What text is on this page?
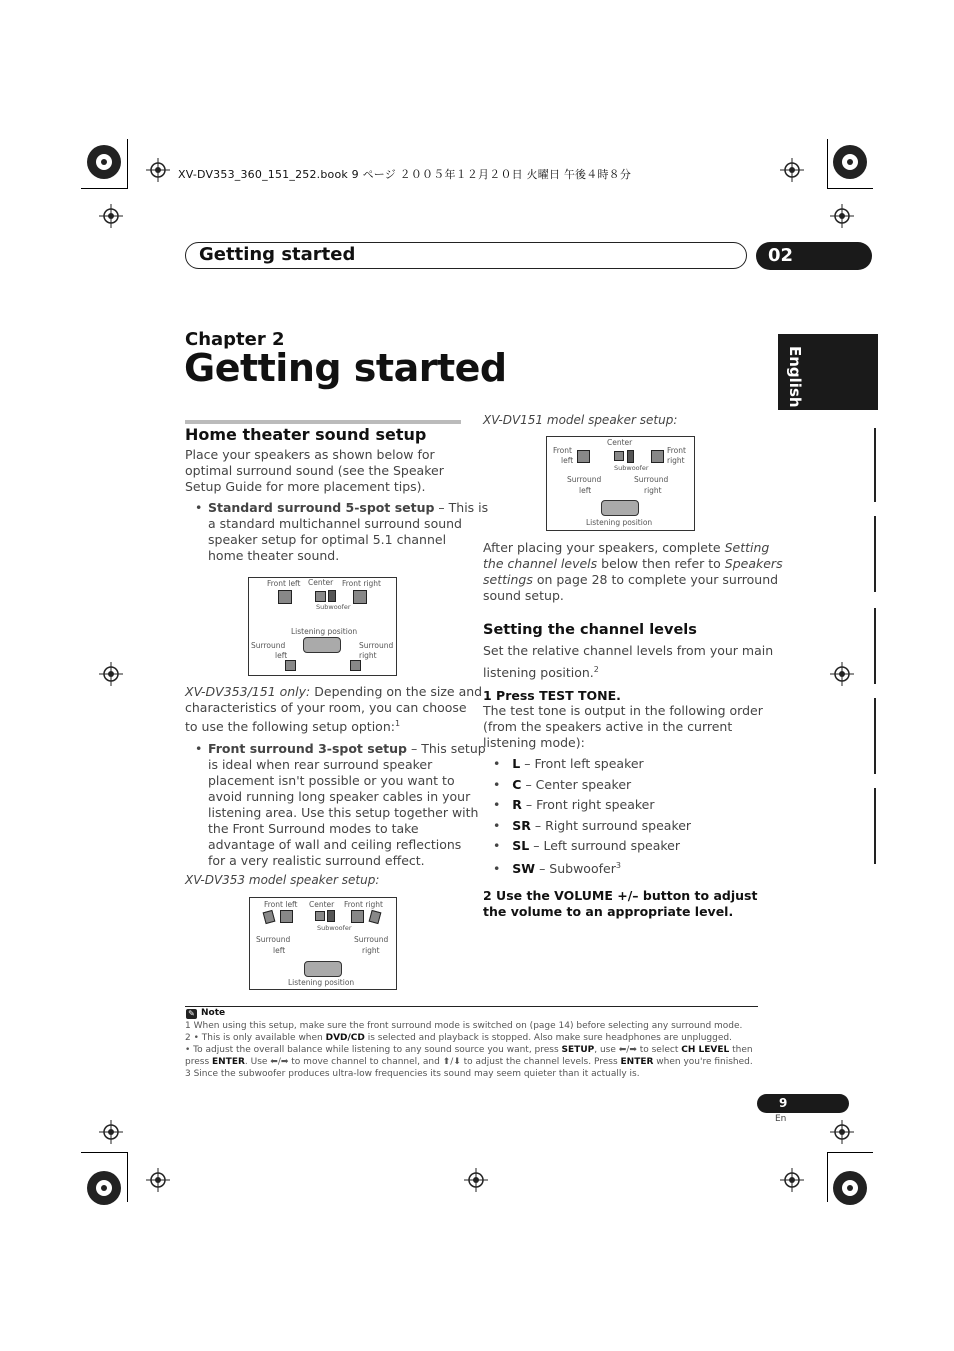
XV-DV353_360_151_252.book 9 ページ ２００５年１２月２０日 火曜日 午後４時８分
Getting started	02
English
Chapter 2
Getting started
Home theater sound setup
Place your speakers as shown below for
optimal surround sound (see the Speaker
Setup Guide for more placement tips).
• Standard surround 5-spot setup – This is
a standard multichannel surround sound
speaker setup for optimal 5.1 channel
home theater sound.
Front left Center Front right
Subwoofer
Listening position
Surround
left
Surround
right
XV-DV353/151 only: Depending on the size and
characteristics of your room, you can choose
to use the following setup option:$^1$
• Front surround 3-spot setup – This setup
is ideal when rear surround speaker
placement isn't possible or you want to
avoid running long speaker cables in your
listening area. Use this setup together with
the Front Surround modes to take
advantage of wall and ceiling reflections
for a very realistic surround effect.
XV-DV353 model speaker setup:
Front left Center Front right
Subwoofer
Surround
left
Surround
right
Listening position
XV-DV151 model speaker setup:
Center
Front
left
Front
right
Subwoofer
Surround
left
Surround
right
Listening position
After placing your speakers, complete Setting
the channel levels below then refer to Speakers
settings on page 28 to complete your surround
sound setup.
Setting the channel levels
Set the relative channel levels from your main
listening position.$^2$
1 Press TEST TONE.
The test tone is output in the following order
(from the speakers active in the current
listening mode):
•   L – Front left speaker
•   C – Center speaker
•   R – Front right speaker
•   SR – Right surround speaker
•   SL – Left surround speaker
•   SW – Subwoofer$^3$
2 Use the VOLUME +/– button to adjust
the volume to an appropriate level.
✎ Note
1 When using this setup, make sure the front surround mode is switched on (page 14) before selecting any surround mode.
2 • This is only available when DVD/CD is selected and playback is stopped. Also make sure headphones are unplugged.
• To adjust the overall balance while listening to any sound source you want, press SETUP, use ⬅/➡ to select CH LEVEL then
press ENTER. Use ⬅/➡ to move channel to channel, and ⬆/⬇ to adjust the channel levels. Press ENTER when you're finished.
3 Since the subwoofer produces ultra-low frequencies its sound may seem quieter than it actually is.
9
En
